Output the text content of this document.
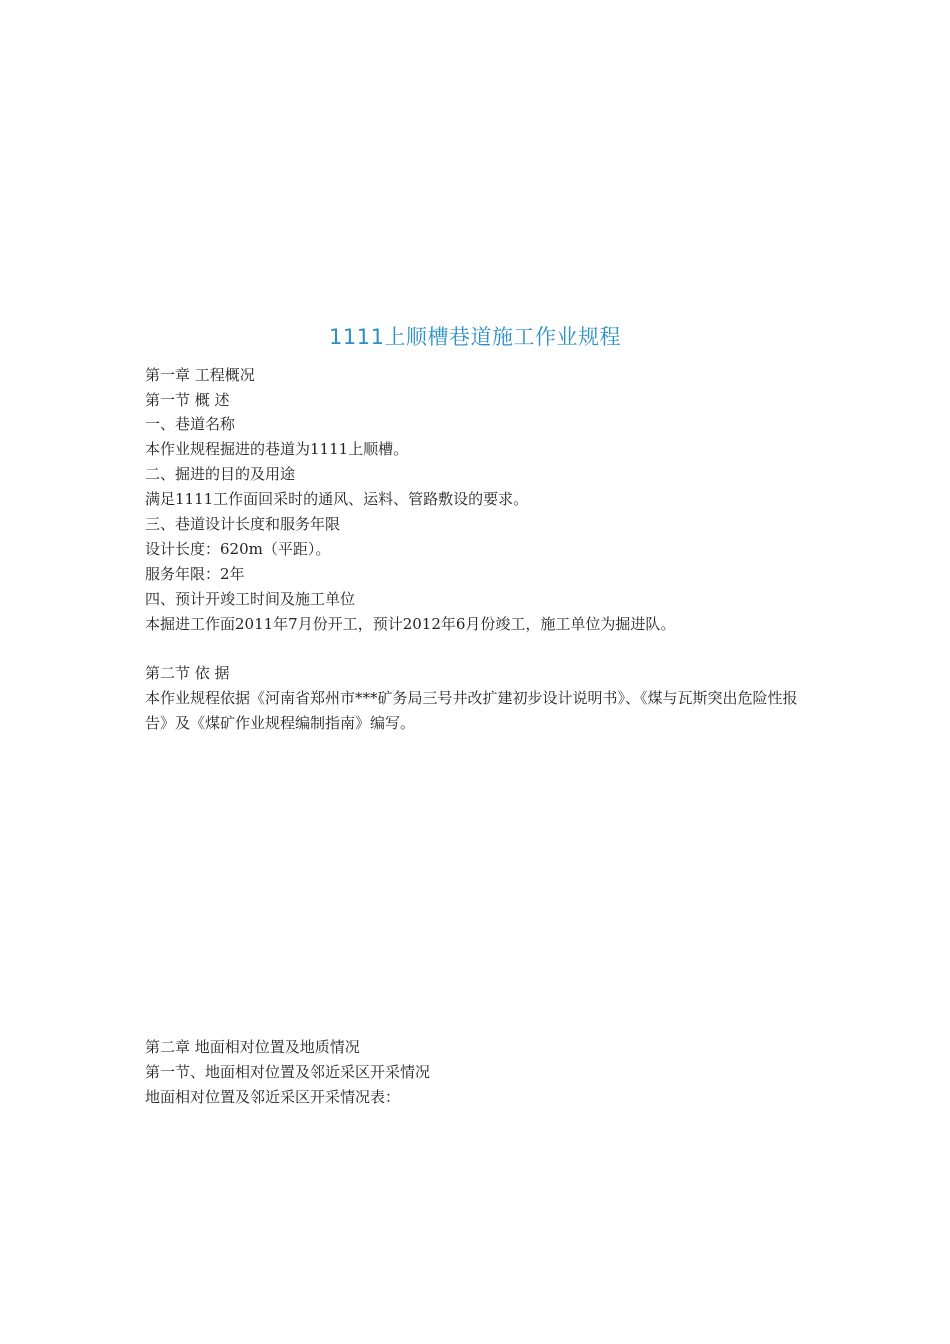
1111上顺槽巷道施工作业规程
第一章 工程概况
第一节 概 述
一、巷道名称
本作业规程掘进的巷道为1111上顺槽。
二、掘进的目的及用途
满足1111工作面回采时的通风、运料、管路敷设的要求。
三、巷道设计长度和服务年限
设计长度：620m（平距）。
服务年限：2年
四、预计开竣工时间及施工单位
本掘进工作面2011年7月份开工，预计2012年6月份竣工，施工单位为掘进队。
第二节 依 据
本作业规程依据《河南省郑州市***矿务局三号井改扩建初步设计说明书》、《煤与瓦斯突出危险性报告》及《煤矿作业规程编制指南》编写。
第二章 地面相对位置及地质情况
第一节、地面相对位置及邻近采区开采情况
地面相对位置及邻近采区开采情况表：
